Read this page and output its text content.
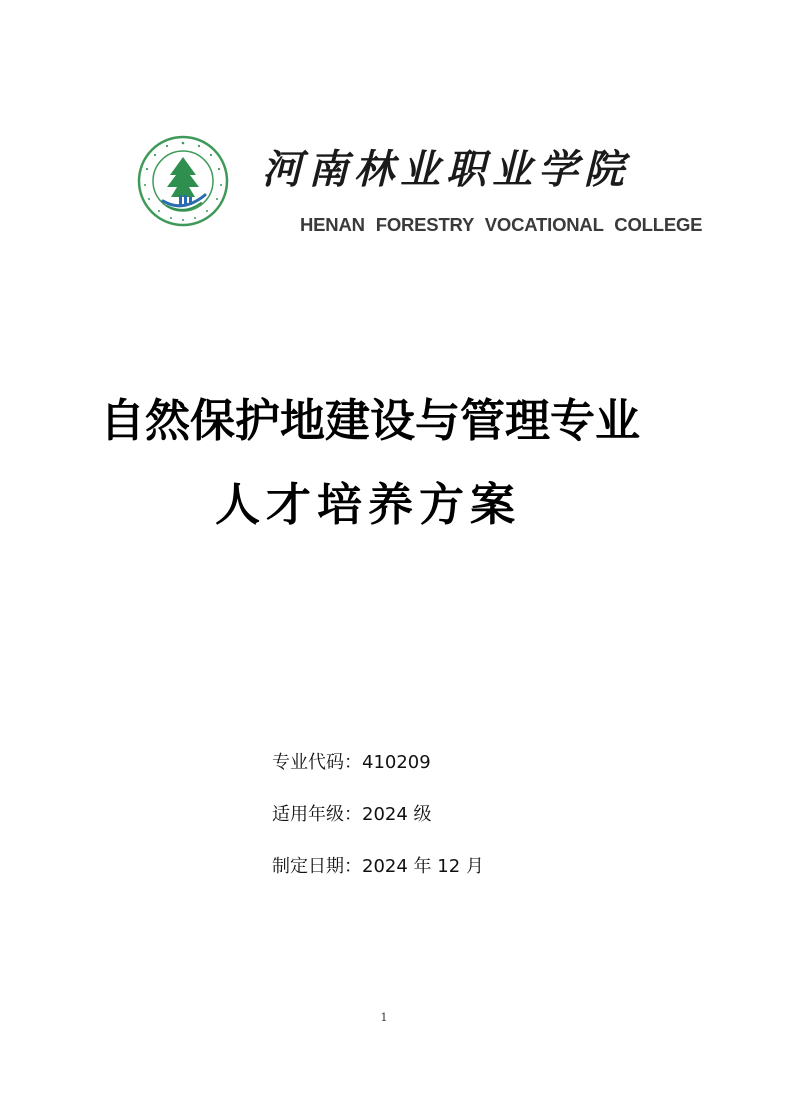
河南林业职业学院
HENAN FORESTRY VOCATIONAL COLLEGE
自然保护地建设与管理专业
人才培养方案
专业代码：410209
适用年级：2024 级
制定日期：2024 年 12 月
1
